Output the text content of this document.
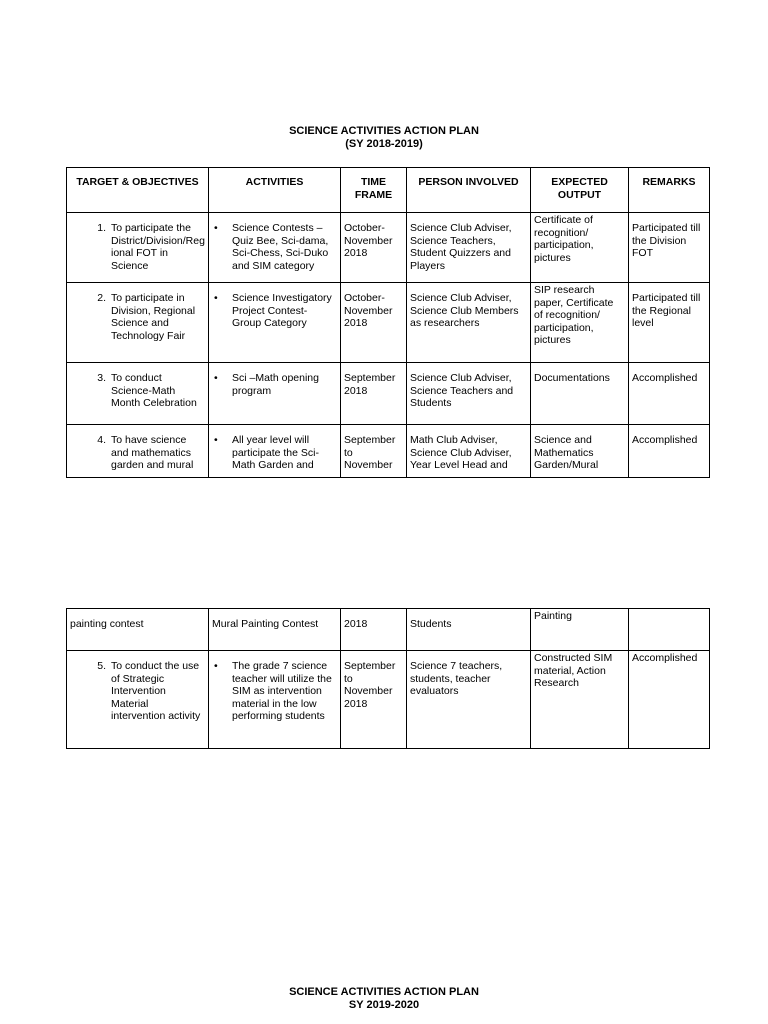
SCIENCE ACTIVITIES ACTION PLAN
(SY 2018-2019)
TARGET & OBJECTIVES	ACTIVITIES	TIME FRAME	PERSON INVOLVED	EXPECTED OUTPUT	REMARKS

1. To participate the District/Division/Reg ional FOT in Science	• Science Contests – Quiz Bee, Sci-dama, Sci-Chess, Sci-Duko and SIM category	October-November 2018	Science Club Adviser, Science Teachers, Student Quizzers and Players	Certificate of recognition/ participation, pictures	Participated till the Division FOT

2. To participate in Division, Regional Science and Technology Fair	• Science Investigatory Project Contest- Group Category	October-November 2018	Science Club Adviser, Science Club Members as researchers	SIP research paper, Certificate of recognition/ participation, pictures	Participated till the Regional level

3. To conduct Science-Math Month Celebration	• Sci –Math opening program	September 2018	Science Club Adviser, Science Teachers and Students	Documentations	Accomplished

4. To have science and mathematics garden and mural	• All year level will participate the Sci-Math Garden and	September to November	Math Club Adviser, Science Club Adviser, Year Level Head and	Science and Mathematics Garden/Mural	Accomplished
painting contest	Mural Painting Contest	2018	Students	Painting	

5. To conduct the use of Strategic Intervention Material intervention activity	• The grade 7 science teacher will utilize the SIM as intervention material in the low performing students	September to November 2018	Science 7 teachers, students, teacher evaluators	Constructed SIM material, Action Research	Accomplished
SCIENCE ACTIVITIES ACTION PLAN
SY 2019-2020
